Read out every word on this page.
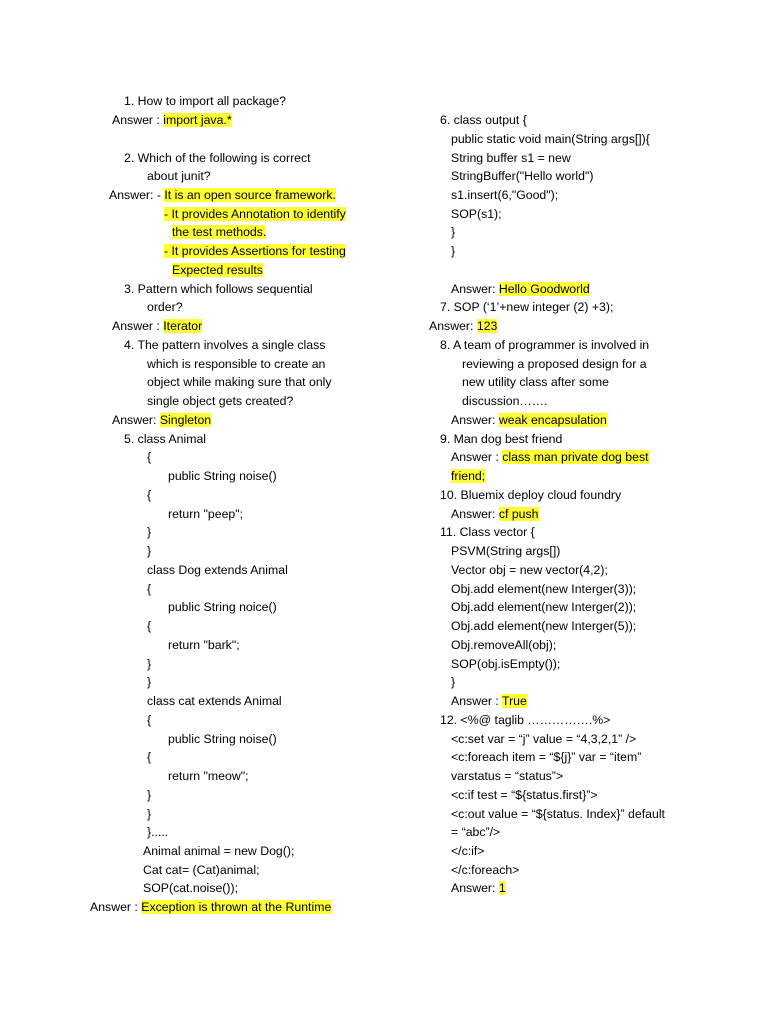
1. How to import all package?
Answer : import java.*
2. Which of the following is correct
about junit?
Answer: - It is an open source framework.
- It provides Annotation to identify
the test methods.
- It provides Assertions for testing
Expected results
3. Pattern which follows sequential
order?
Answer : Iterator
4. The pattern involves a single class
which is responsible to create an
object while making sure that only
single object gets created?
Answer: Singleton
5. class Animal
{
public String noise()
{
return "peep";
}
}
class Dog extends Animal
{
public String noice()
{
return "bark";
}
}
class cat extends Animal
{
public String noise()
{
return "meow";
}
}
}.....
Animal animal = new Dog();
Cat cat= (Cat)animal;
SOP(cat.noise());
Answer : Exception is thrown at the Runtime
6. class output {
public static void main(String args[]){
String buffer s1 = new
StringBuffer("Hello world")
s1.insert(6,"Good");
SOP(s1);
}
}
Answer: Hello Goodworld
7. SOP (‘1’+new integer (2) +3);
Answer: 123
8. A team of programmer is involved in
reviewing a proposed design for a
new utility class after some
discussion…….
Answer: weak encapsulation
9. Man dog best friend
Answer : class man private dog best
friend;
10. Bluemix deploy cloud foundry
Answer: cf push
11. Class vector {
PSVM(String args[])
Vector obj = new vector(4,2);
Obj.add element(new Interger(3));
Obj.add element(new Interger(2));
Obj.add element(new Interger(5));
Obj.removeAll(obj);
SOP(obj.isEmpty());
}
Answer : True
12. <%@ taglib …………….%>
<c:set var = “j” value = “4,3,2,1” />
<c:foreach item = “${j}” var = “item”
varstatus = “status”>
<c:if test = “${status.first}”>
<c:out value = “${status. Index}” default
= “abc”/>
</c:if>
</c:foreach>
Answer: 1
